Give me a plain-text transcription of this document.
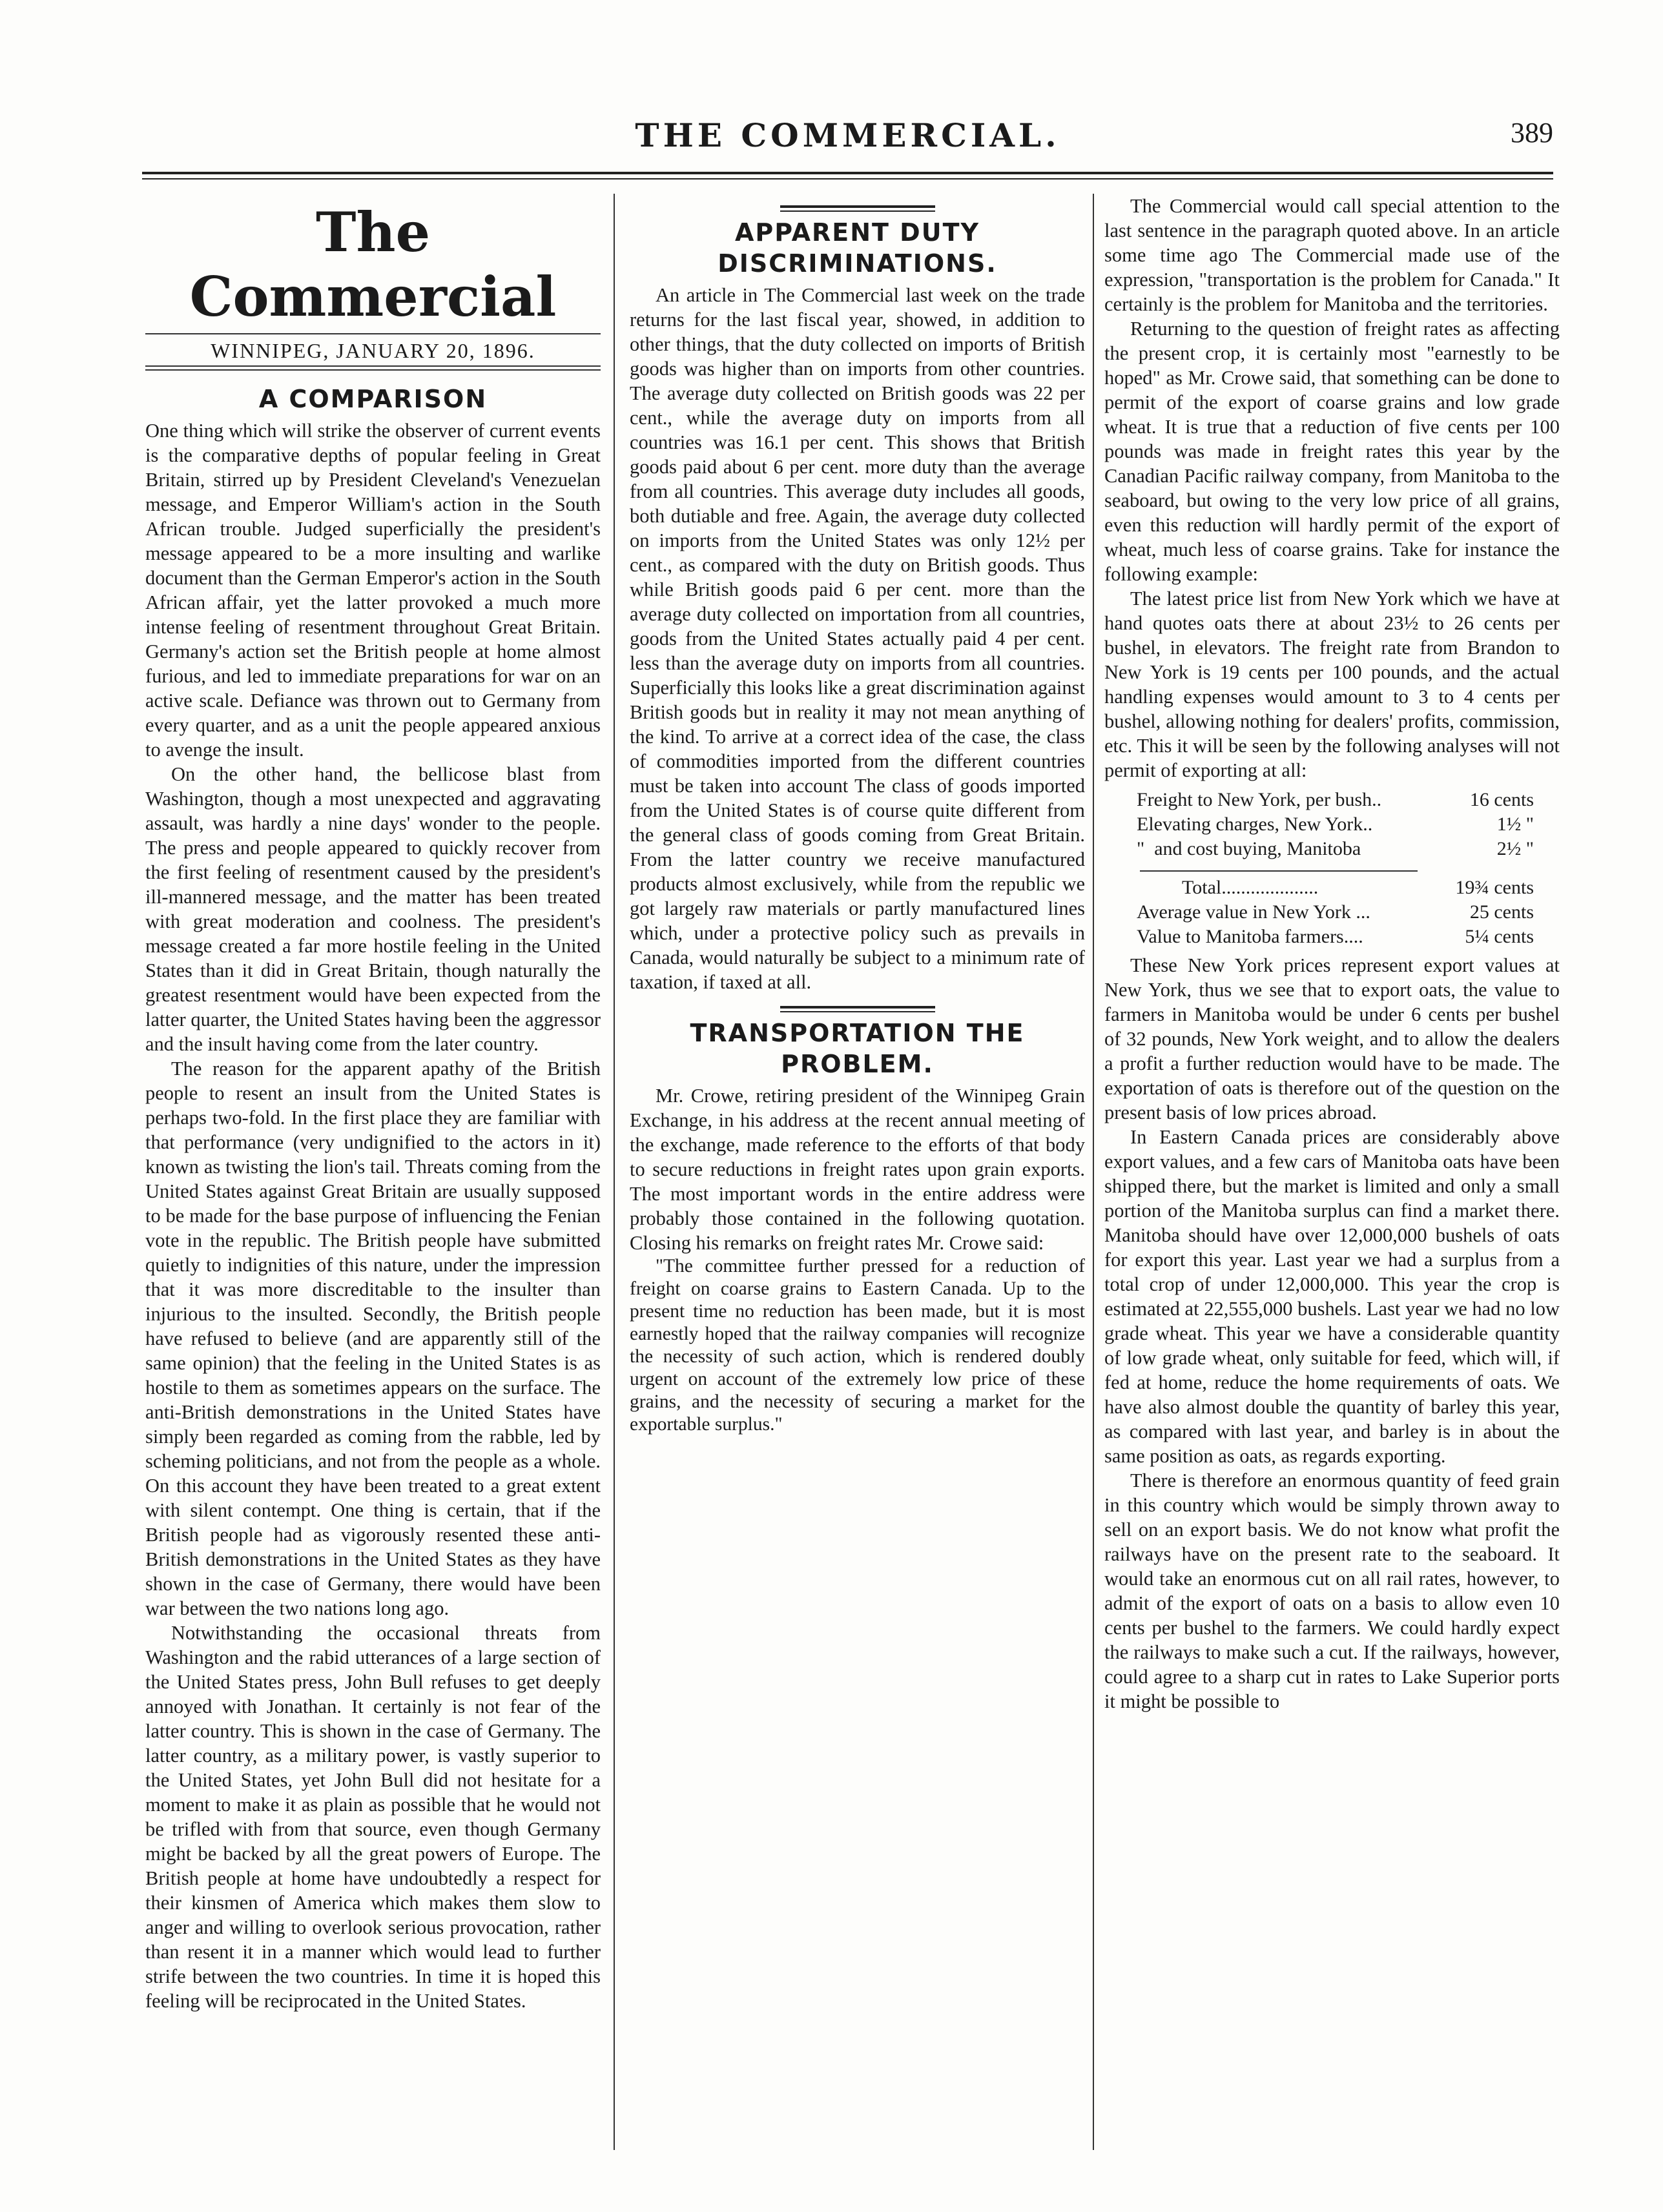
THE COMMERCIAL.	389
The Commercial
WINNIPEG, JANUARY 20, 1896.
A COMPARISON

One thing which will strike the observer of current events is the comparative depths of popular feeling in Great Britain, stirred up by President Cleveland's Venezuelan message, and Emperor William's action in the South African trouble. Judged superficially the president's message appeared to be a more insulting and warlike document than the German Emperor's action in the South African affair, yet the latter provoked a much more intense feeling of resentment throughout Great Britain. Germany's action set the British people at home almost furious, and led to immediate preparations for war on an active scale. Defiance was thrown out to Germany from every quarter, and as a unit the people appeared anxious to avenge the insult.

On the other hand, the bellicose blast from Washington, though a most unexpected and aggravating assault, was hardly a nine days' wonder to the people. The press and people appeared to quickly recover from the first feeling of resentment caused by the president's ill-mannered message, and the matter has been treated with great moderation and coolness. The president's message created a far more hostile feeling in the United States than it did in Great Britain, though naturally the greatest resentment would have been expected from the latter quarter, the United States having been the aggressor and the insult having come from the later country.

The reason for the apparent apathy of the British people to resent an insult from the United States is perhaps two-fold. In the first place they are familiar with that performance (very undignified to the actors in it) known as twisting the lion's tail. Threats coming from the United States against Great Britain are usually supposed to be made for the base purpose of influencing the Fenian vote in the republic. The British people have submitted quietly to indignities of this nature, under the impression that it was more discreditable to the insulter than injurious to the insulted. Secondly, the British people have refused to believe (and are apparently still of the same opinion) that the feeling in the United States is as hostile to them as sometimes appears on the surface. The anti-British demonstrations in the United States have simply been regarded as coming from the rabble, led by scheming politicians, and not from the people as a whole. On this account they have been treated to a great extent with silent contempt. One thing is certain, that if the British people had as vigorously resented these anti-British demonstrations in the United States as they have shown in the case of Germany, there would have been war between the two nations long ago.

Notwithstanding the occasional threats from Washington and the rabid utterances of a large section of the United States press, John Bull refuses to get deeply annoyed with Jonathan. It certainly is not fear of the latter country. This is shown in the case of Germany. The latter country, as a military power, is vastly superior to the United States, yet John Bull did not hesitate for a moment to make it as plain as possible that he would not be trifled with from that source, even though Germany might be backed by all the great powers of Europe. The British people at home have undoubtedly a respect for their kinsmen of America which makes them slow to anger and willing to overlook serious provocation, rather than resent it in a manner which would lead to further strife between the two countries. In time it is hoped this feeling will be reciprocated in the United States.

APPARENT DUTY DISCRIMINATIONS.

An article in The Commercial last week on the trade returns for the last fiscal year, showed, in addition to other things, that the duty collected on imports of British goods was higher than on imports from other countries. The average duty collected on British goods was 22 per cent., while the average duty on imports from all countries was 16.1 per cent. This shows that British goods paid about 6 per cent. more duty than the average from all countries. This average duty includes all goods, both dutiable and free. Again, the average duty collected on imports from the United States was only 12½ per cent., as compared with the duty on British goods. Thus while British goods paid 6 per cent. more than the average duty collected on importation from all countries, goods from the United States actually paid 4 per cent. less than the average duty on imports from all countries. Superficially this looks like a great discrimination against British goods but in reality it may not mean anything of the kind. To arrive at a correct idea of the case, the class of commodities imported from the different countries must be taken into account The class of goods imported from the United States is of course quite different from the general class of goods coming from Great Britain. From the latter country we receive manufactured products almost exclusively, while from the republic we got largely raw materials or partly manufactured lines which, under a protective policy such as prevails in Canada, would naturally be subject to a minimum rate of taxation, if taxed at all.

TRANSPORTATION THE PROBLEM.

Mr. Crowe, retiring president of the Winnipeg Grain Exchange, in his address at the recent annual meeting of the exchange, made reference to the efforts of that body to secure reductions in freight rates upon grain exports. The most important words in the entire address were probably those contained in the following quotation. Closing his remarks on freight rates Mr. Crowe said:

"The committee further pressed for a reduction of freight on coarse grains to Eastern Canada. Up to the present time no reduction has been made, but it is most earnestly hoped that the railway companies will recognize the necessity of such action, which is rendered doubly urgent on account of the extremely low price of these grains, and the necessity of securing a market for the exportable surplus."

The Commercial would call special attention to the last sentence in the paragraph quoted above. In an article some time ago The Commercial made use of the expression, "transportation is the problem for Canada." It certainly is the problem for Manitoba and the territories.

Returning to the question of freight rates as affecting the present crop, it is certainly most "earnestly to be hoped" as Mr. Crowe said, that something can be done to permit of the export of coarse grains and low grade wheat. It is true that a reduction of five cents per 100 pounds was made in freight rates this year by the Canadian Pacific railway company, from Manitoba to the seaboard, but owing to the very low price of all grains, even this reduction will hardly permit of the export of wheat, much less of coarse grains. Take for instance the following example:

The latest price list from New York which we have at hand quotes oats there at about 23½ to 26 cents per bushel, in elevators. The freight rate from Brandon to New York is 19 cents per 100 pounds, and the actual handling expenses would amount to 3 to 4 cents per bushel, allowing nothing for dealers' profits, commission, etc. This it will be seen by the following analyses will not permit of exporting at all:

Freight to New York, per bush..	16 cents
Elevating charges, New York..	1½ "
"  and cost buying, Manitoba	2½ "
Total....................	19¾ cents
Average value in New York ...	25 cents
Value to Manitoba farmers....	5¼ cents

These New York prices represent export values at New York, thus we see that to export oats, the value to farmers in Manitoba would be under 6 cents per bushel of 32 pounds, New York weight, and to allow the dealers a profit a further reduction would have to be made. The exportation of oats is therefore out of the question on the present basis of low prices abroad.

In Eastern Canada prices are considerably above export values, and a few cars of Manitoba oats have been shipped there, but the market is limited and only a small portion of the Manitoba surplus can find a market there. Manitoba should have over 12,000,000 bushels of oats for export this year. Last year we had a surplus from a total crop of under 12,000,000. This year the crop is estimated at 22,555,000 bushels. Last year we had no low grade wheat. This year we have a considerable quantity of low grade wheat, only suitable for feed, which will, if fed at home, reduce the home requirements of oats. We have also almost double the quantity of barley this year, as compared with last year, and barley is in about the same position as oats, as regards exporting.

There is therefore an enormous quantity of feed grain in this country which would be simply thrown away to sell on an export basis. We do not know what profit the railways have on the present rate to the seaboard. It would take an enormous cut on all rail rates, however, to admit of the export of oats on a basis to allow even 10 cents per bushel to the farmers. We could hardly expect the railways to make such a cut. If the railways, however, could agree to a sharp cut in rates to Lake Superior ports it might be possible to
